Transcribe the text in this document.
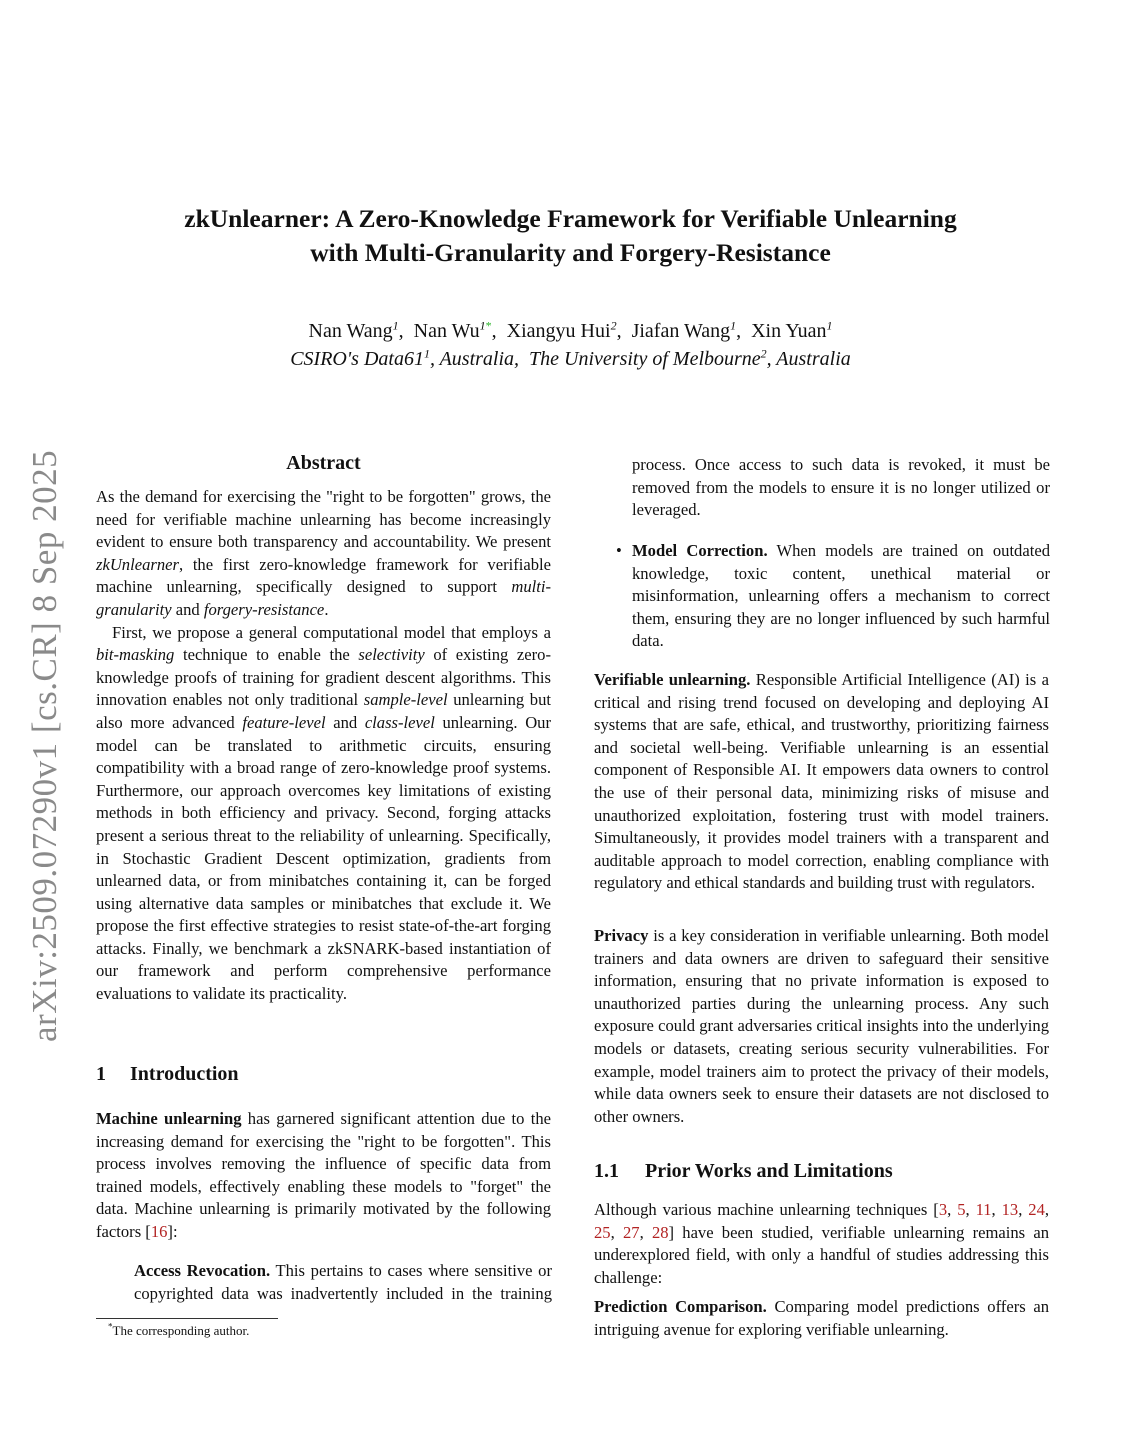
arXiv:2509.07290v1 [cs.CR] 8 Sep 2025
zkUnlearner: A Zero-Knowledge Framework for Verifiable Unlearning
with Multi-Granularity and Forgery-Resistance
Nan Wang$^1$,  Nan Wu$^{1*}$,  Xiangyu Hui$^2$,  Jiafan Wang$^1$,  Xin Yuan$^1$
CSIRO's $Data61^1$, Australia, The University of Melbourne$^2$, Australia
Abstract

As the demand for exercising the "right to be forgotten" grows, the need for verifiable machine unlearning has become increasingly evident to ensure both transparency and accountability. We present zkUnlearner, the first zero-knowledge framework for verifiable machine unlearning, specifically designed to support multi-granularity and forgery-resistance.

First, we propose a general computational model that employs a bit-masking technique to enable the selectivity of existing zero-knowledge proofs of training for gradient descent algorithms. This innovation enables not only traditional sample-level unlearning but also more advanced feature-level and class-level unlearning. Our model can be translated to arithmetic circuits, ensuring compatibility with a broad range of zero-knowledge proof systems. Furthermore, our approach overcomes key limitations of existing methods in both efficiency and privacy. Second, forging attacks present a serious threat to the reliability of unlearning. Specifically, in Stochastic Gradient Descent optimization, gradients from unlearned data, or from minibatches containing it, can be forged using alternative data samples or minibatches that exclude it. We propose the first effective strategies to resist state-of-the-art forging attacks. Finally, we benchmark a zkSNARK-based instantiation of our framework and perform comprehensive performance evaluations to validate its practicality.

1 Introduction
Machine unlearning has garnered significant attention due to the increasing demand for exercising the "right to be forgotten". This process involves removing the influence of specific data from trained models, effectively enabling these models to "forget" the data. Machine unlearning is primarily motivated by the following factors [16]:
Access Revocation. This pertains to cases where sensitive or copyrighted data was inadvertently included in the training
*The corresponding author.
process. Once access to such data is revoked, it must be removed from the models to ensure it is no longer utilized or leveraged.
• Model Correction. When models are trained on outdated knowledge, toxic content, unethical material or misinformation, unlearning offers a mechanism to correct them, ensuring they are no longer influenced by such harmful data.
Verifiable unlearning. Responsible Artificial Intelligence (AI) is a critical and rising trend focused on developing and deploying AI systems that are safe, ethical, and trustworthy, prioritizing fairness and societal well-being. Verifiable unlearning is an essential component of Responsible AI. It empowers data owners to control the use of their personal data, minimizing risks of misuse and unauthorized exploitation, fostering trust with model trainers. Simultaneously, it provides model trainers with a transparent and auditable approach to model correction, enabling compliance with regulatory and ethical standards and building trust with regulators.
Privacy is a key consideration in verifiable unlearning. Both model trainers and data owners are driven to safeguard their sensitive information, ensuring that no private information is exposed to unauthorized parties during the unlearning process. Any such exposure could grant adversaries critical insights into the underlying models or datasets, creating serious security vulnerabilities. For example, model trainers aim to protect the privacy of their models, while data owners seek to ensure their datasets are not disclosed to other owners.
1.1 Prior Works and Limitations
Although various machine unlearning techniques [3, 5, 11, 13, 24, 25, 27, 28] have been studied, verifiable unlearning remains an underexplored field, with only a handful of studies addressing this challenge:
Prediction Comparison. Comparing model predictions offers an intriguing avenue for exploring verifiable unlearning.
